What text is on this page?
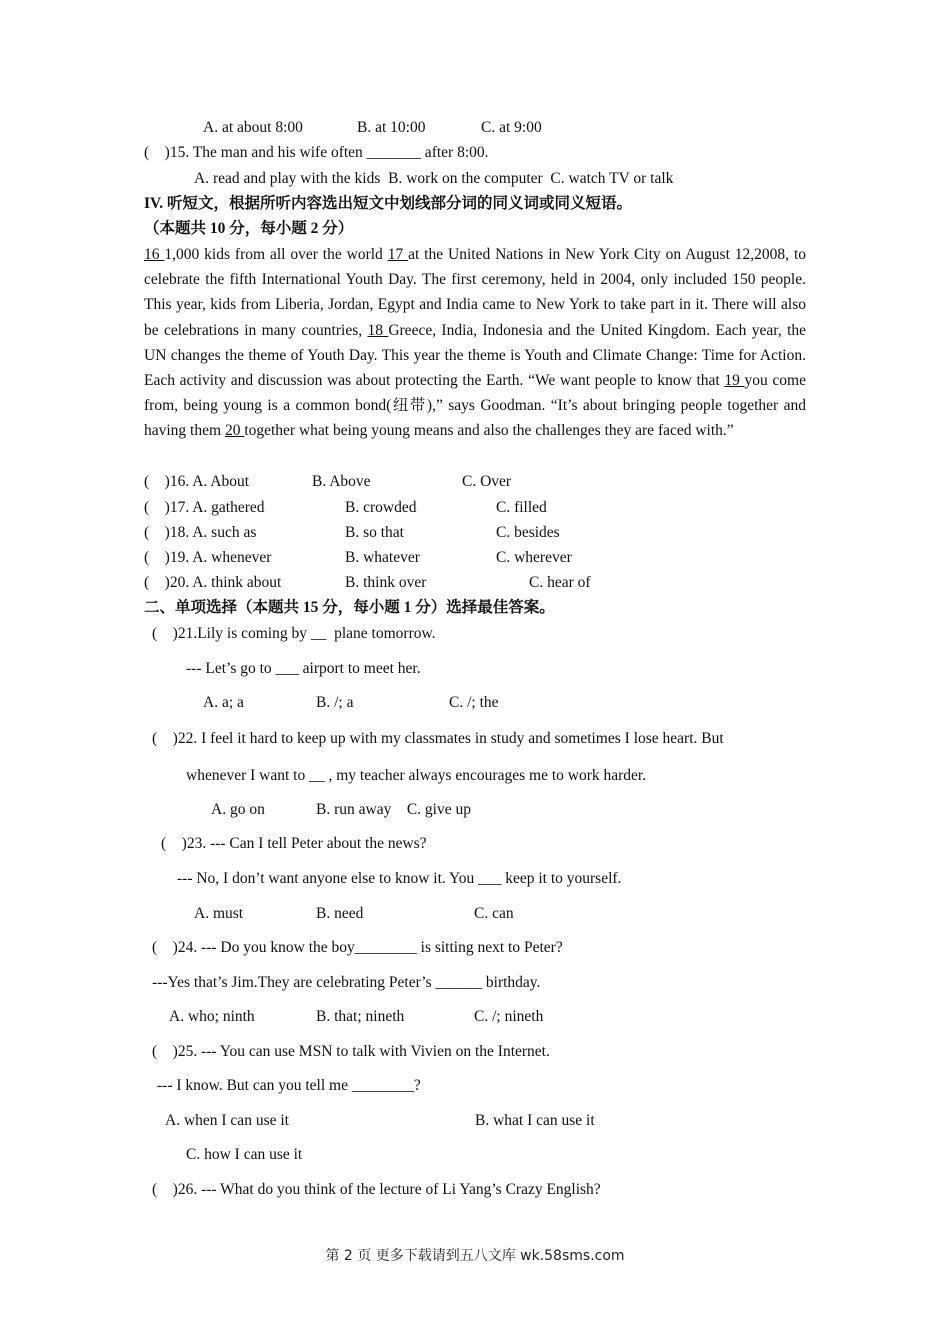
A. at about 8:00	B. at 10:00	C. at 9:00
(    )15. The man and his wife often _______ after 8:00.
A. read and play with the kids  B. work on the computer  C. watch TV or talk
IV. 听短文，根据所听内容选出短文中划线部分词的同义词或同义短语。
（本题共 10 分，每小题 2 分）
16 1,000 kids from all over the world 17 at the United Nations in New York City on August 12,2008, to celebrate the fifth International Youth Day. The first ceremony, held in 2004, only included 150 people. This year, kids from Liberia, Jordan, Egypt and India came to New York to take part in it. There will also be celebrations in many countries, 18 Greece, India, Indonesia and the United Kingdom. Each year, the UN changes the theme of Youth Day. This year the theme is Youth and Climate Change: Time for Action. Each activity and discussion was about protecting the Earth. “We want people to know that 19 you come from, being young is a common bond(纽带),” says Goodman. “It’s about bringing people together and having them 20 together what being young means and also the challenges they are faced with.”
(    )16. A. About	B. Above	C. Over
(    )17. A. gathered	B. crowded	C. filled
(    )18. A. such as	B. so that	C. besides
(    )19. A. whenever	B. whatever	C. wherever
(    )20. A. think about	B. think over	C. hear of
二、单项选择（本题共 15 分，每小题 1 分）选择最佳答案。
(    )21.Lily is coming by __  plane tomorrow.
--- Let’s go to ___ airport to meet her.
A. a; a	B. /; a	C. /; the
(    )22. I feel it hard to keep up with my classmates in study and sometimes I lose heart. But
whenever I want to __ , my teacher always encourages me to work harder.
A. go on	B. run away    C. give up
(    )23. --- Can I tell Peter about the news?
--- No, I don’t want anyone else to know it. You ___ keep it to yourself.
A. must	B. need	C. can
(    )24. --- Do you know the boy________ is sitting next to Peter?
---Yes that’s Jim.They are celebrating Peter’s ______ birthday.
A. who; ninth	B. that; nineth	C. /; nineth
(    )25. --- You can use MSN to talk with Vivien on the Internet.
--- I know. But can you tell me ________?
A. when I can use it	B. what I can use it
C. how I can use it
(    )26. --- What do you think of the lecture of Li Yang’s Crazy English?
第 2 页 更多下载请到五八文库 wk.58sms.com
